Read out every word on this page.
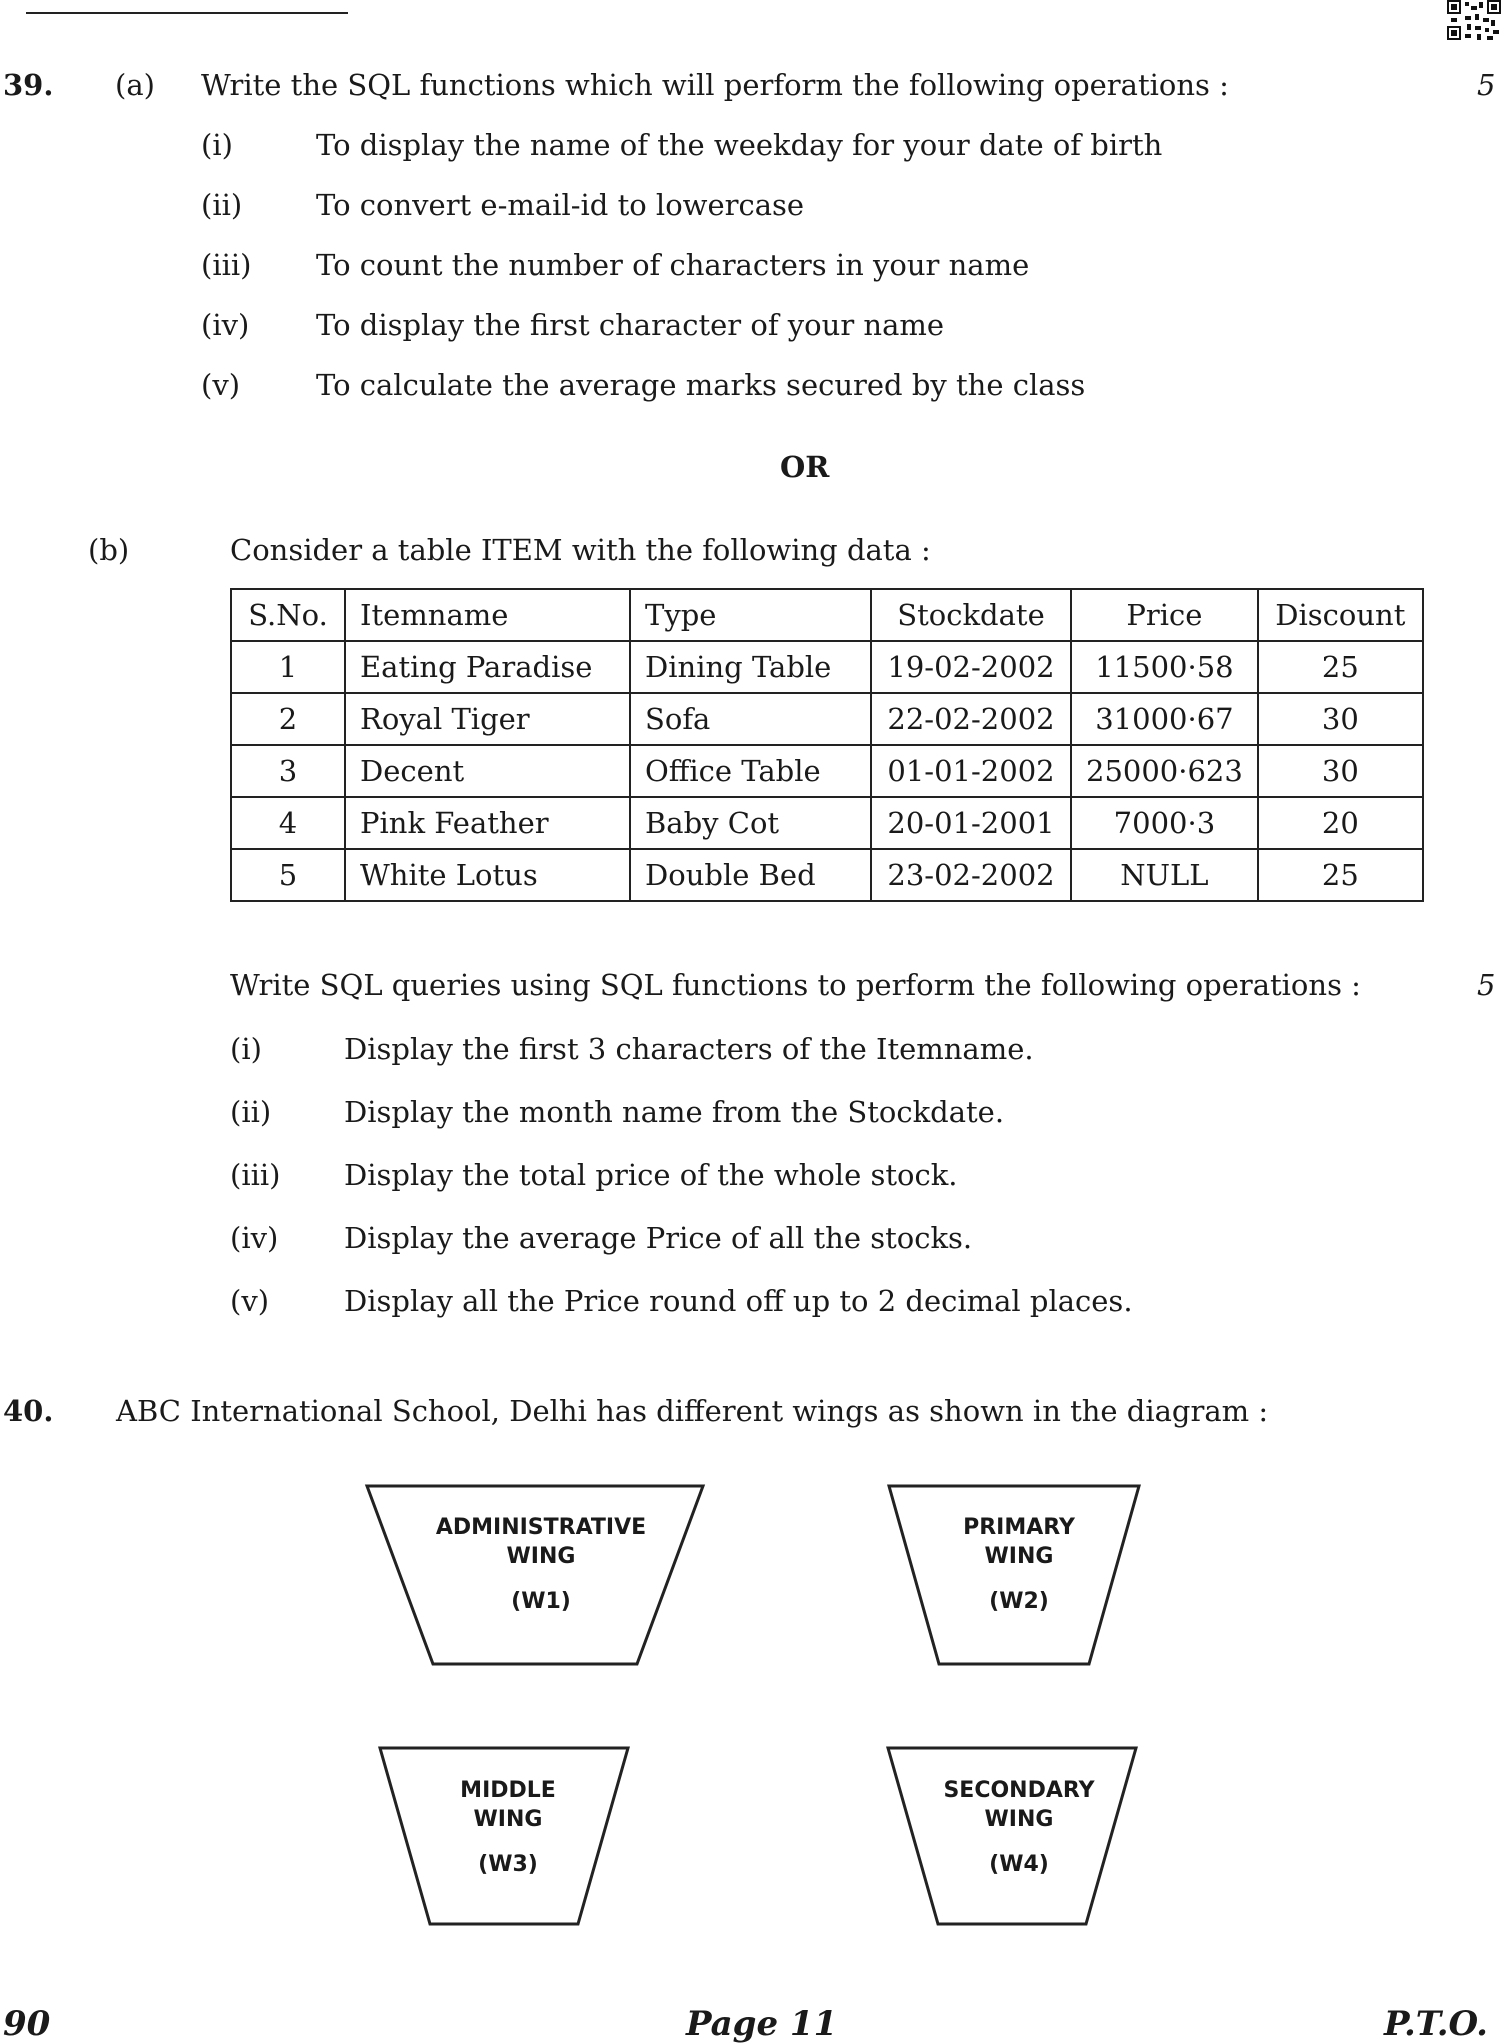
39. (a) Write the SQL functions which will perform the following operations :	5
(i)	To display the name of the weekday for your date of birth
(ii)	To convert e-mail-id to lowercase
(iii) To count the number of characters in your name
(iv) To display the first character of your name
(v)	To calculate the average marks secured by the class
OR
(b)	Consider a table ITEM with the following data :
S.No.	Itemname	Type	Stockdate	Price	Discount
1	Eating Paradise	Dining Table	19-02-2002	11500·58	25
2	Royal Tiger	Sofa	22-02-2002	31000·67	30
3	Decent	Office Table	01-01-2002	25000·623	30
4	Pink Feather	Baby Cot	20-01-2001	7000·3	20
5	White Lotus	Double Bed	23-02-2002	NULL	25
Write SQL queries using SQL functions to perform the following operations :	5
(i)	Display the first 3 characters of the Itemname.
(ii)	Display the month name from the Stockdate.
(iii) Display the total price of the whole stock.
(iv) Display the average Price of all the stocks.
(v)	Display all the Price round off up to 2 decimal places.
40. ABC International School, Delhi has different wings as shown in the diagram :
ADMINISTRATIVE
WING
(W1)
PRIMARY
WING
(W2)
MIDDLE
WING
(W3)
SECONDARY
WING
(W4)
90	Page 11	P.T.O.
